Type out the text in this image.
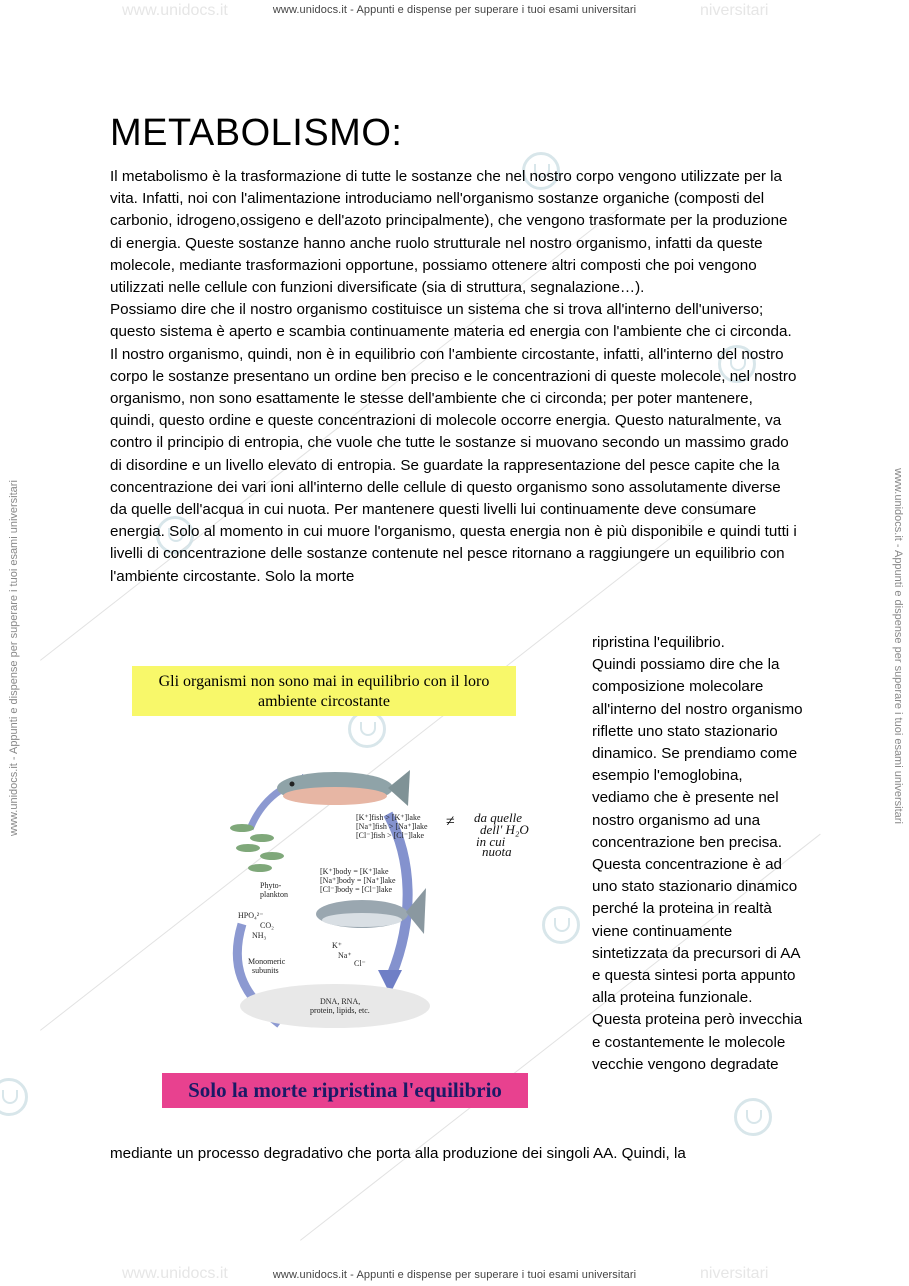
www.unidocs.it - Appunti e dispense per superare i tuoi esami universitari
www.unidocs.it - Appunti e dispense per superare i tuoi esami universitari
www.unidocs.it	niversitari
www.unidocs.it	niversitari
www.unidocs.it - Appunti e dispense per superare i tuoi esami universitari	www.unidocs.it - Appunti e dispense per superare i tuoi esami universitari
METABOLISMO:
Il metabolismo è la trasformazione di tutte le sostanze che nel nostro corpo vengono utilizzate per la vita. Infatti, noi con l'alimentazione introduciamo nell'organismo sostanze organiche (composti del carbonio, idrogeno,ossigeno e dell'azoto principalmente), che vengono trasformate per la produzione di energia. Queste sostanze hanno anche ruolo strutturale nel nostro organismo, infatti da queste molecole, mediante trasformazioni opportune, possiamo ottenere altri composti che poi vengono utilizzati nelle cellule con funzioni diversificate (sia di struttura, segnalazione…).
Possiamo dire che il nostro organismo costituisce un sistema che si trova all'interno dell'universo; questo sistema è aperto e scambia continuamente materia ed energia con l'ambiente che ci circonda. Il nostro organismo, quindi, non è in equilibrio con l'ambiente circostante, infatti, all'interno del nostro corpo le sostanze presentano un ordine ben preciso e le concentrazioni di queste molecole, nel nostro organismo, non sono esattamente le stesse dell'ambiente che ci circonda; per poter mantenere, quindi, questo ordine e queste concentrazioni di molecole occorre energia. Questo naturalmente, va contro il principio di entropia, che vuole che tutte le sostanze si muovano secondo un massimo grado di disordine e un livello elevato di entropia. Se guardate la rappresentazione del pesce capite che la concentrazione dei vari ioni all'interno delle cellule di questo organismo sono assolutamente diverse da quelle dell'acqua in cui nuota. Per mantenere questi livelli lui continuamente deve consumare energia. Solo al momento in cui muore l'organismo, questa energia non è più disponibile e quindi tutti i livelli di concentrazione delle sostanze contenute nel pesce ritornano a raggiungere un equilibrio con l'ambiente circostante. Solo la morte
ripristina l'equilibrio.
Quindi possiamo dire che la composizione molecolare all'interno del nostro organismo riflette uno stato stazionario dinamico. Se prendiamo come esempio l'emoglobina, vediamo che è presente nel nostro organismo ad una concentrazione ben precisa. Questa concentrazione è ad uno stato stazionario dinamico perché la proteina in realtà viene continuamente sintetizzata da precursori di AA e questa sintesi porta appunto alla proteina funzionale. Questa proteina però invecchia e costantemente le molecole vecchie vengono degradate
mediante un processo degradativo che porta alla produzione dei singoli AA. Quindi, la
Gli organismi non sono mai in equilibrio con il loro ambiente circostante
[K⁺]fish > [K⁺]lake
[Na⁺]fish > [Na⁺]lake
[Cl⁻]fish > [Cl⁻]lake
[K⁺]body = [K⁺]lake
[Na⁺]body = [Na⁺]lake
[Cl⁻]body = [Cl⁻]lake
Phyto-
plankton
HPO₄²⁻
CO₂
NH₃
Monomeric
subunits
K⁺
Na⁺
Cl⁻
DNA, RNA,
protein, lipids, etc.
≠ da quelle
dell' H₂O
in cui
nuota
Solo la morte ripristina l'equilibrio
